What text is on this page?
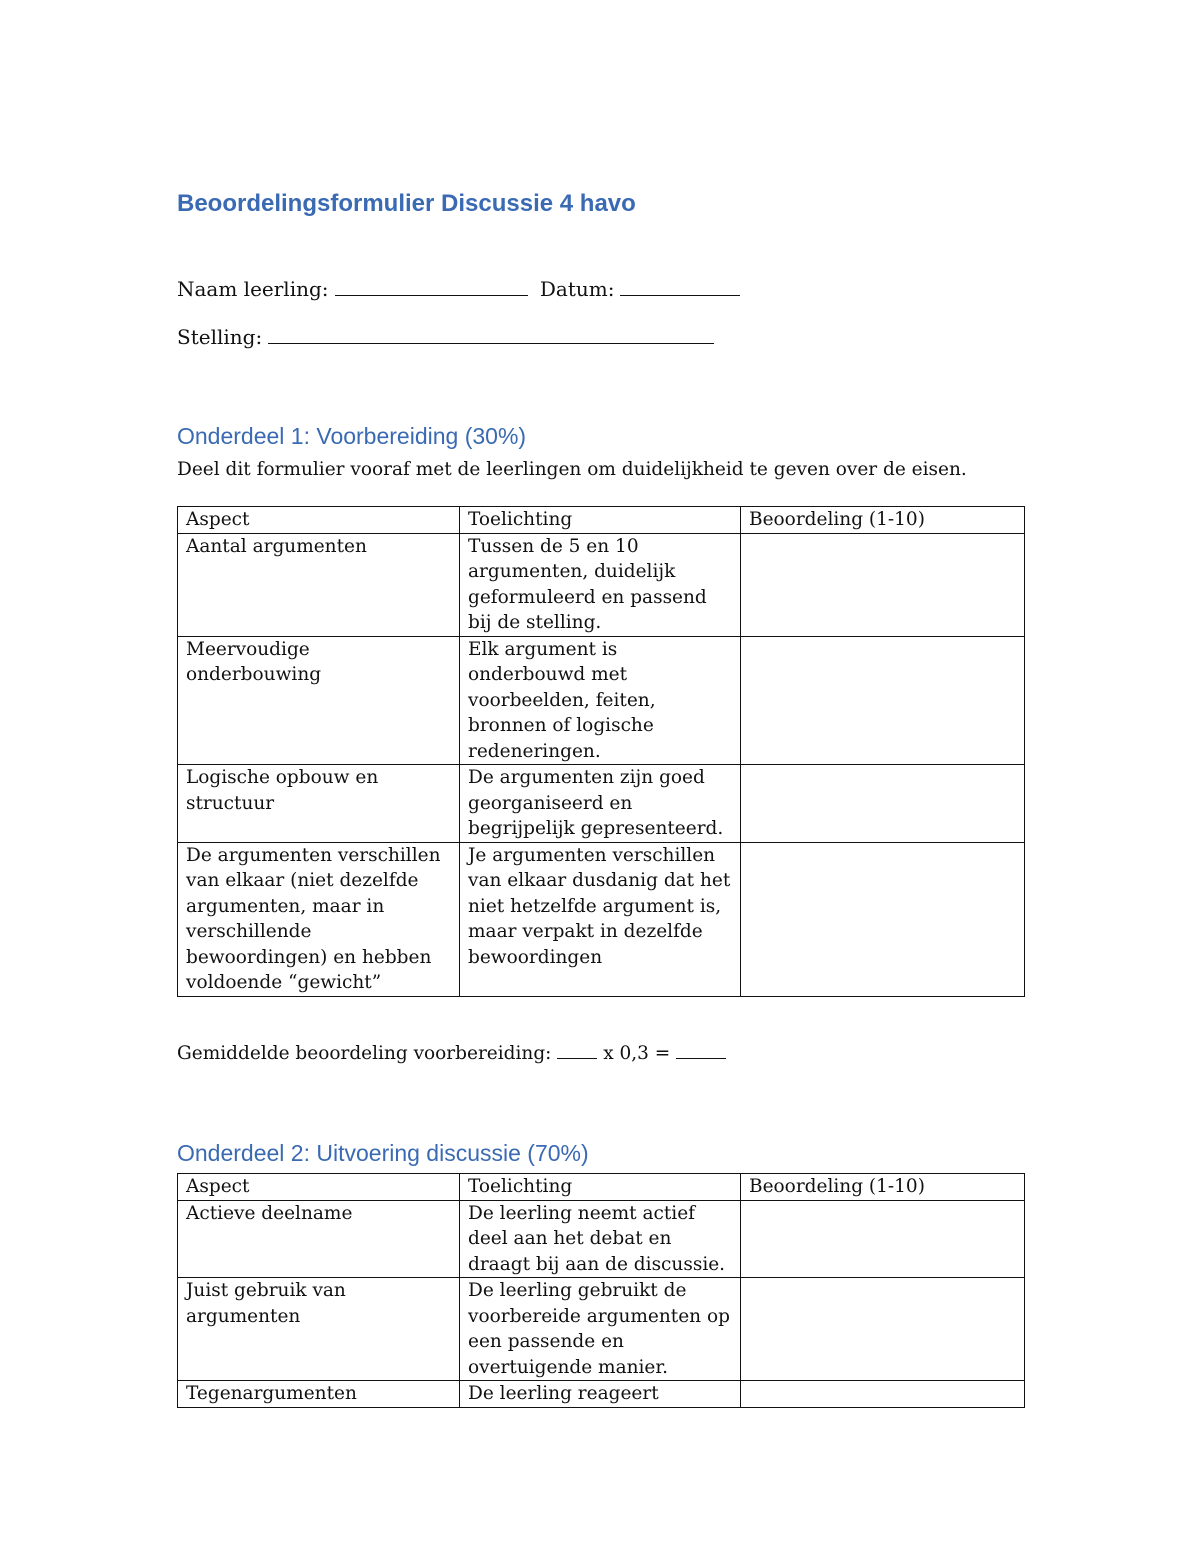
Beoordelingsformulier Discussie 4 havo
Naam leerling:	Datum:
Stelling:
Onderdeel 1: Voorbereiding (30%)

Deel dit formulier vooraf met de leerlingen om duidelijkheid te geven over de eisen.

Aspect	Toelichting	Beoordeling (1-10)
Aantal argumenten	Tussen de 5 en 10 argumenten, duidelijk geformuleerd en passend bij de stelling.	
Meervoudige onderbouwing	Elk argument is onderbouwd met voorbeelden, feiten, bronnen of logische redeneringen.	
Logische opbouw en structuur	De argumenten zijn goed georganiseerd en begrijpelijk gepresenteerd.	
De argumenten verschillen van elkaar (niet dezelfde argumenten, maar in verschillende bewoordingen) en hebben voldoende “gewicht”	Je argumenten verschillen van elkaar dusdanig dat het niet hetzelfde argument is, maar verpakt in dezelfde bewoordingen	
Gemiddelde beoordeling voorbereiding:	x 0,3 =
Onderdeel 2: Uitvoering discussie (70%)
Aspect	Toelichting	Beoordeling (1-10)
Actieve deelname	De leerling neemt actief deel aan het debat en draagt bij aan de discussie.	
Juist gebruik van argumenten	De leerling gebruikt de voorbereide argumenten op een passende en overtuigende manier.	
Tegenargumenten	De leerling reageert	
